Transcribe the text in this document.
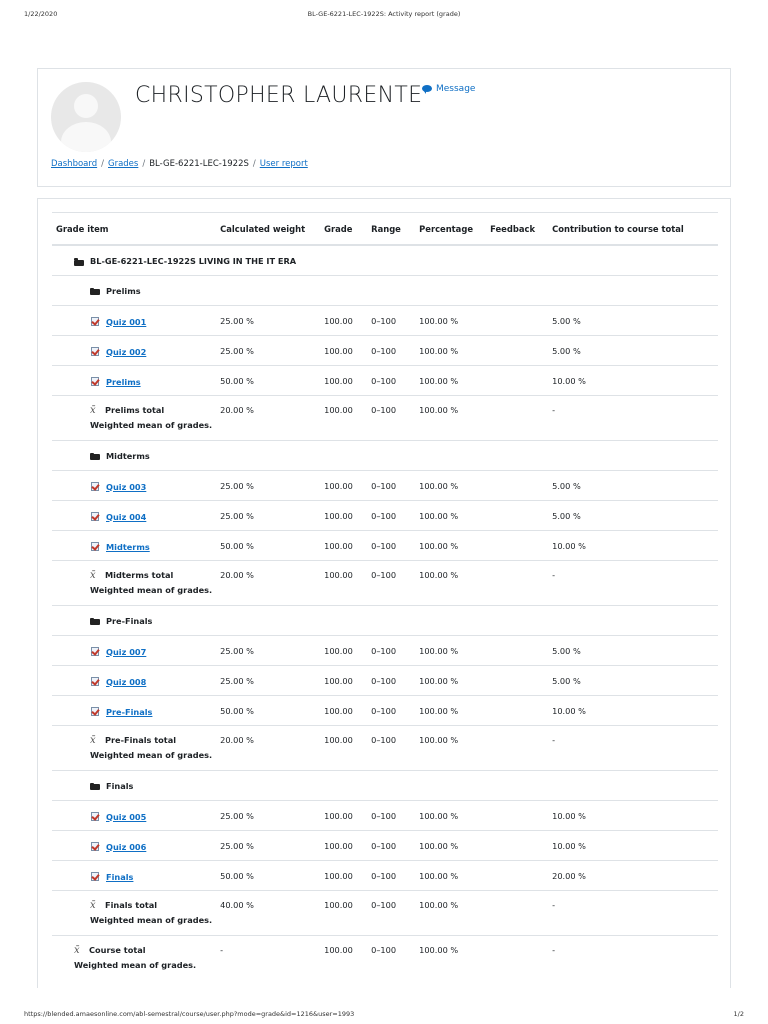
1/22/2020	BL-GE-6221-LEC-1922S: Activity report (grade)
CHRISTOPHER LAURENTE Message
Dashboard / Grades / BL-GE-6221-LEC-1922S / User report
Grade item	Calculated weight	Grade	Range	Percentage	Feedback	Contribution to course total

BL-GE-6221-LEC-1922S LIVING IN THE IT ERA						

Prelims						

Quiz 001	25.00 %	100.00	0–100	100.00 %		5.00 %

Quiz 002	25.00 %	100.00	0–100	100.00 %		5.00 %

Prelims	50.00 %	100.00	0–100	100.00 %		10.00 %
x̄ Prelims total
Weighted mean of grades.	20.00 %	100.00	0–100	100.00 %		-

Midterms						

Quiz 003	25.00 %	100.00	0–100	100.00 %		5.00 %

Quiz 004	25.00 %	100.00	0–100	100.00 %		5.00 %

Midterms	50.00 %	100.00	0–100	100.00 %		10.00 %
x̄ Midterms total
Weighted mean of grades.	20.00 %	100.00	0–100	100.00 %		-

Pre-Finals						

Quiz 007	25.00 %	100.00	0–100	100.00 %		5.00 %

Quiz 008	25.00 %	100.00	0–100	100.00 %		5.00 %

Pre-Finals	50.00 %	100.00	0–100	100.00 %		10.00 %
x̄ Pre-Finals total
Weighted mean of grades.	20.00 %	100.00	0–100	100.00 %		-

Finals						

Quiz 005	25.00 %	100.00	0–100	100.00 %		10.00 %

Quiz 006	25.00 %	100.00	0–100	100.00 %		10.00 %

Finals	50.00 %	100.00	0–100	100.00 %		20.00 %
x̄ Finals total
Weighted mean of grades.	40.00 %	100.00	0–100	100.00 %		-
x̄ Course total
Weighted mean of grades.	-	100.00	0–100	100.00 %		-
https://blended.amaesonline.com/abl-semestral/course/user.php?mode=grade&id=1216&user=1993	1/2
